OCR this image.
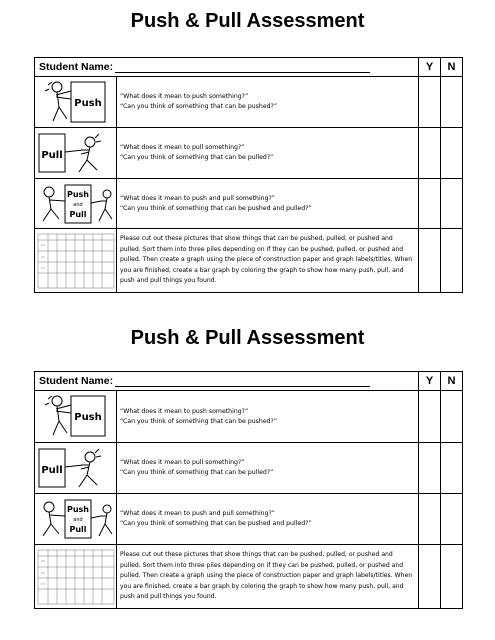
Push & Pull Assessment
Student Name:		Y	N

Push	“What does it mean to push something?”
“Can you think of something that can be pushed?”		

Pull	“What does it mean to pull something?”
“Can you think of something that can be pulled?”		

Push
and
Pull	“What does it mean to push and pull something?”
“Can you think of something that can be pushed and pulled?”		

	Please cut out these pictures that show things that can be pushed, pulled, or pushed and pulled. Sort them into three piles depending on if they can be pushed, pulled, or pushed and pulled. Then create a graph using the piece of construction paper and graph labels/titles. When you are finished, create a bar graph by coloring the graph to show how many push, pull, and push and pull things you found.		
Push & Pull Assessment
Student Name:		Y	N

Push	“What does it mean to push something?”
“Can you think of something that can be pushed?”		

Pull	“What does it mean to pull something?”
“Can you think of something that can be pulled?”		

Push
and
Pull	“What does it mean to push and pull something?”
“Can you think of something that can be pushed and pulled?”		

	Please cut out these pictures that show things that can be pushed, pulled, or pushed and pulled. Sort them into three piles depending on if they can be pushed, pulled, or pushed and pulled. Then create a graph using the piece of construction paper and graph labels/titles. When you are finished, create a bar graph by coloring the graph to show how many push, pull, and push and pull things you found.		
